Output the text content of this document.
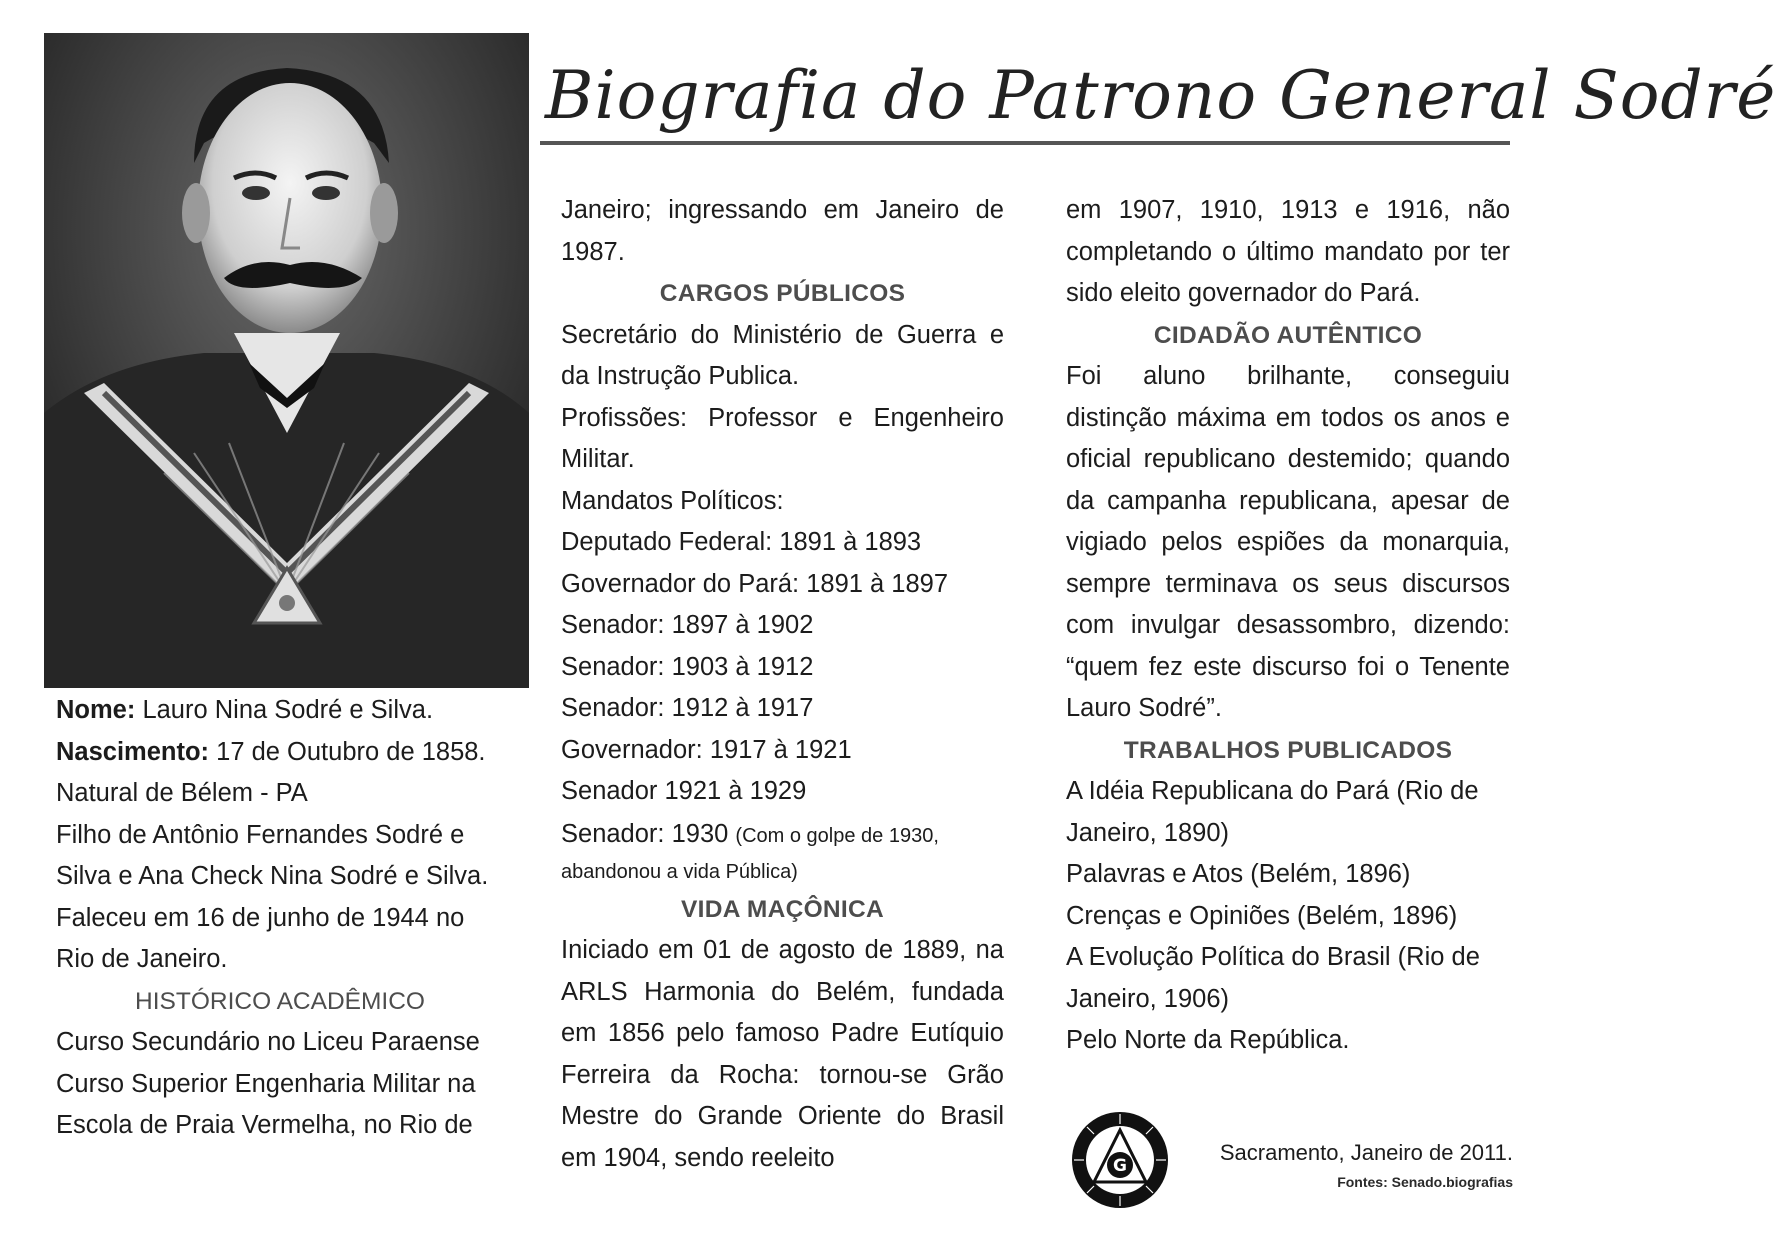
Biografia do Patrono General Sodré

Nome: Lauro Nina Sodré e Silva.

Nascimento: 17 de Outubro de 1858.

Natural de Bélem - PA

Filho de Antônio Fernandes Sodré e Silva e Ana Check Nina Sodré e Silva. Faleceu em 16 de junho de 1944 no Rio de Janeiro.

HISTÓRICO ACADÊMICO

Curso Secundário no Liceu Paraense

Curso Superior Engenharia Militar na Escola de Praia Vermelha, no Rio de

Janeiro; ingressando em Janeiro de 1987.

CARGOS PÚBLICOS

Secretário do Ministério de Guerra e da Instrução Publica.

Profissões: Professor e Engenheiro Militar.

Mandatos Políticos:

Deputado Federal: 1891 à 1893

Governador do Pará: 1891 à 1897

Senador: 1897 à 1902

Senador: 1903 à 1912

Senador: 1912 à 1917

Governador: 1917 à 1921

Senador 1921 à 1929

Senador: 1930 (Com o golpe de 1930, abandonou a vida Pública)

VIDA MAÇÔNICA

Iniciado em 01 de agosto de 1889, na ARLS Harmonia do Belém, fundada em 1856 pelo famoso Padre Eutíquio Ferreira da Rocha: tornou-se Grão Mestre do Grande Oriente do Brasil em 1904, sendo reeleito

em 1907, 1910, 1913 e 1916, não completando o último mandato por ter sido eleito governador do Pará.

CIDADÃO AUTÊNTICO

Foi aluno brilhante, conseguiu distinção máxima em todos os anos e oficial republicano destemido; quando da campanha republicana, apesar de vigiado pelos espiões da monarquia, sempre terminava os seus discursos com invulgar desassombro, dizendo: “quem fez este discurso foi o Tenente Lauro Sodré”.

TRABALHOS PUBLICADOS

A Idéia Republicana do Pará (Rio de Janeiro, 1890)

Palavras e Atos (Belém, 1896)

Crenças e Opiniões (Belém, 1896)

A Evolução Política do Brasil (Rio de Janeiro, 1906)

Pelo Norte da República.

G
Sacramento, Janeiro de 2011.
Fontes: Senado.biografias
